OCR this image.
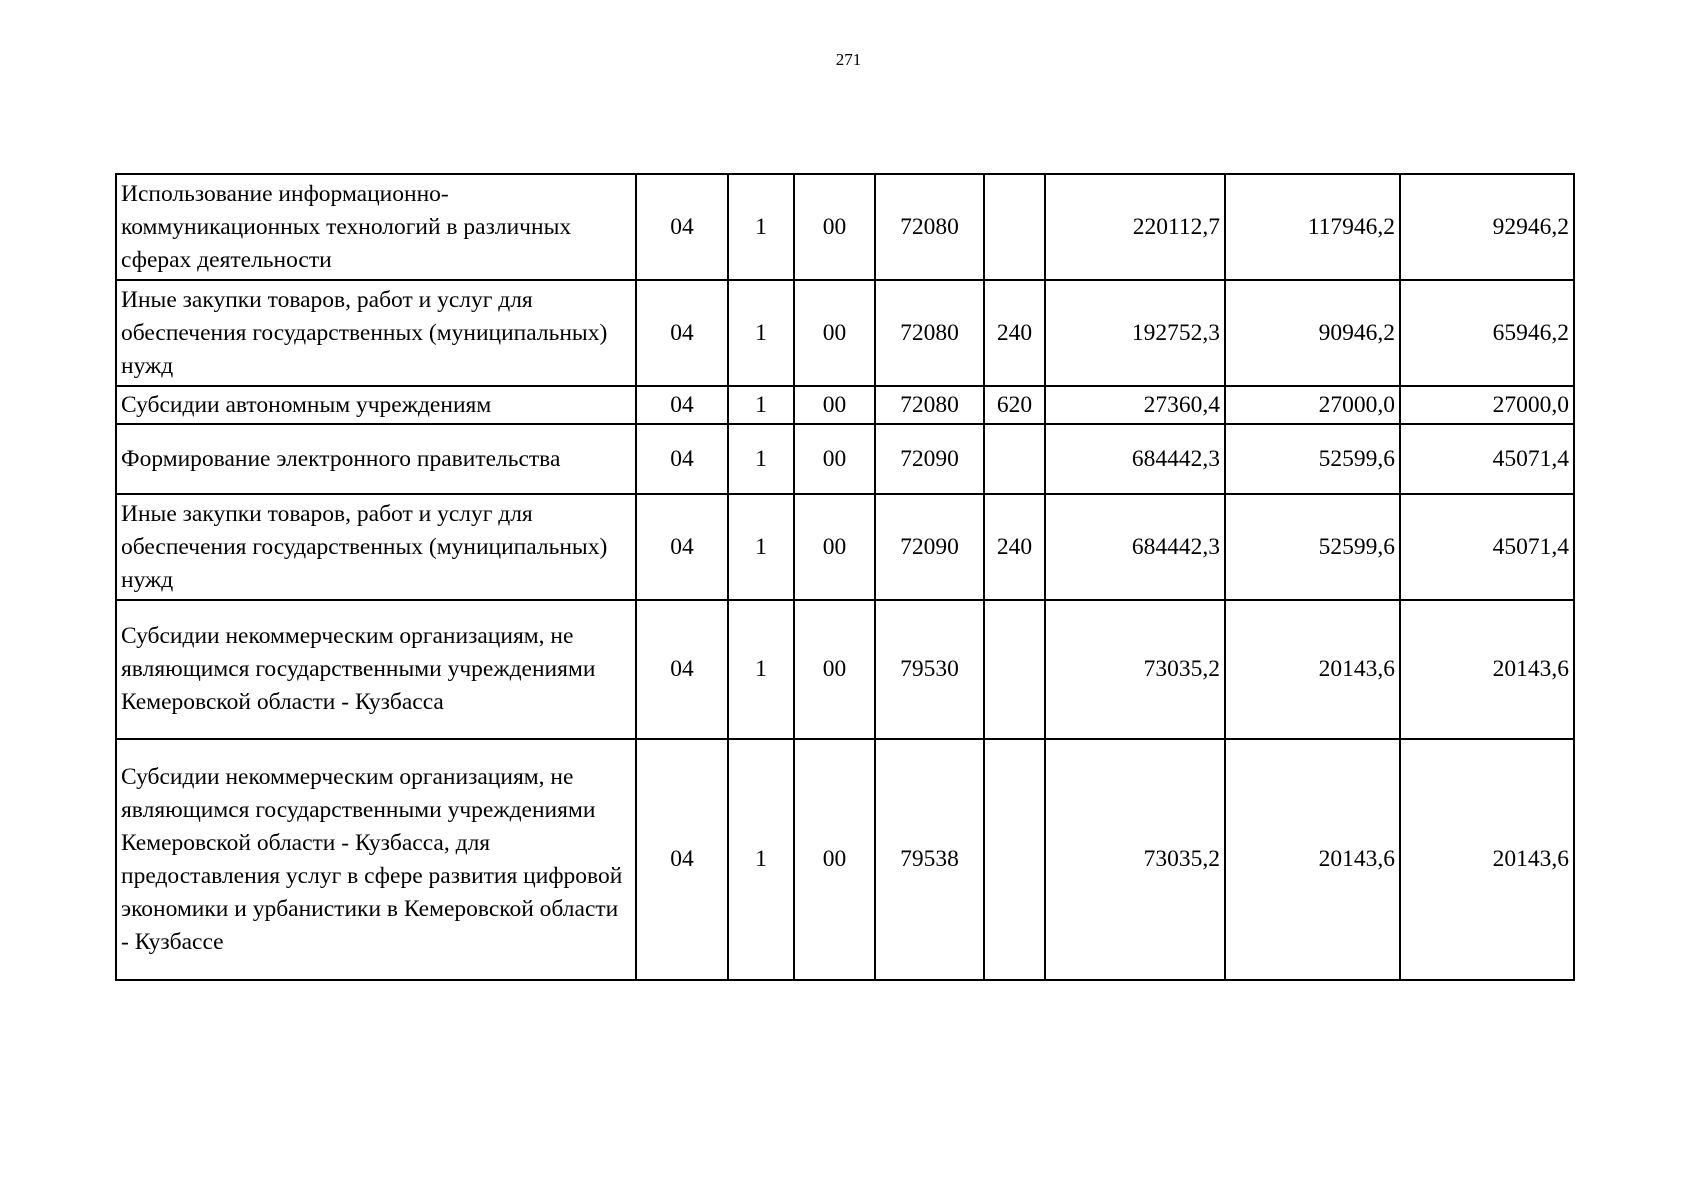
271
Использование информационно-коммуникационных технологий в различных сферах деятельности	04	1	00	72080		220112,7	117946,2	92946,2
Иные закупки товаров, работ и услуг для обеспечения государственных (муниципальных) нужд	04	1	00	72080	240	192752,3	90946,2	65946,2
Субсидии автономным учреждениям	04	1	00	72080	620	27360,4	27000,0	27000,0
Формирование электронного правительства	04	1	00	72090		684442,3	52599,6	45071,4
Иные закупки товаров, работ и услуг для обеспечения государственных (муниципальных) нужд	04	1	00	72090	240	684442,3	52599,6	45071,4
Субсидии некоммерческим организациям, не являющимся государственными учреждениями Кемеровской области - Кузбасса	04	1	00	79530		73035,2	20143,6	20143,6
Субсидии некоммерческим организациям, не являющимся государственными учреждениями Кемеровской области - Кузбасса, для предоставления услуг в сфере развития цифровой экономики и урбанистики в Кемеровской области - Кузбассе	04	1	00	79538		73035,2	20143,6	20143,6
